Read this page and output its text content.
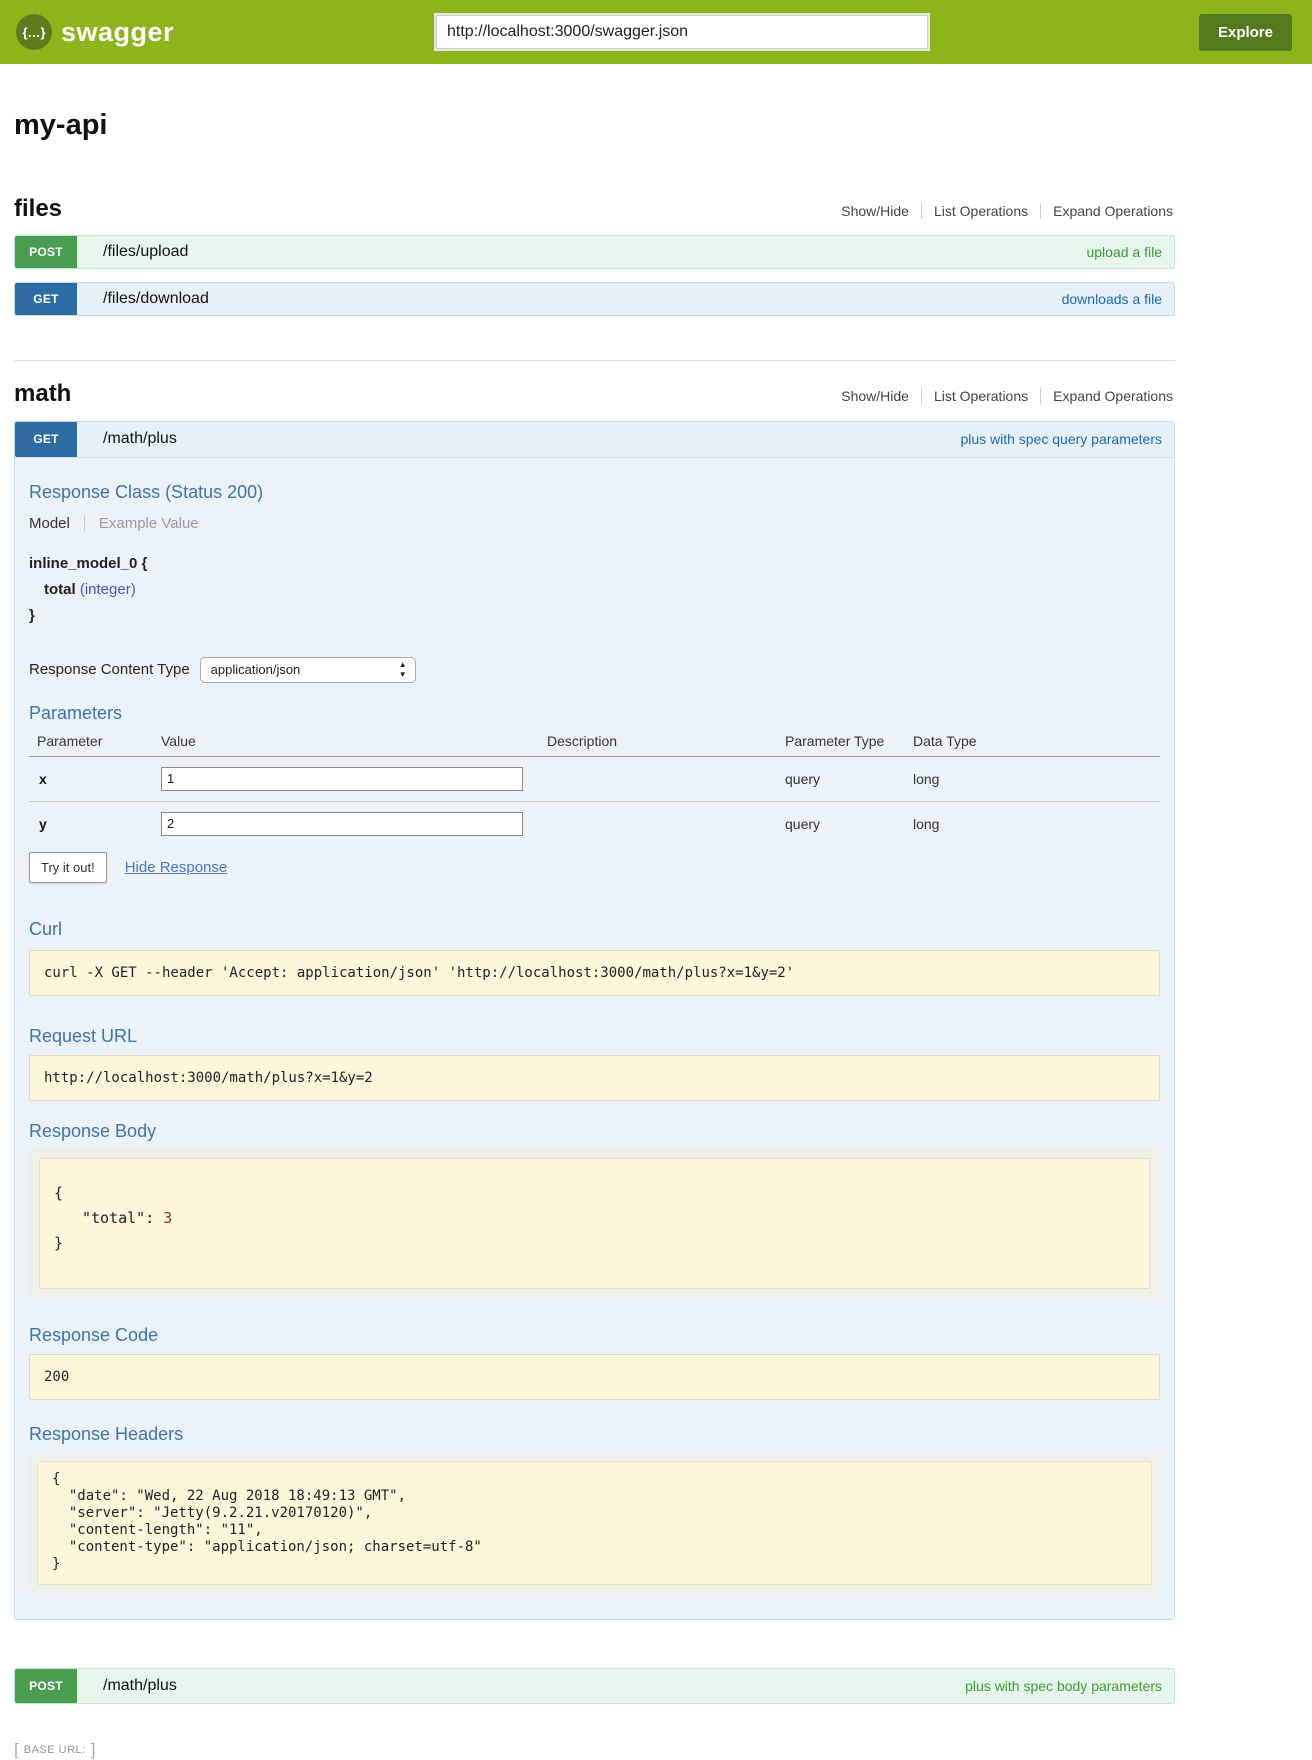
{…} swagger
http://localhost:3000/swagger.json	Explore
my-api
files	Show/Hide	List Operations	Expand Operations
POST	/files/upload	upload a file
GET	/files/download	downloads a file
math	Show/Hide	List Operations	Expand Operations
GET	/math/plus	plus with spec query parameters
Response Class (Status 200)
Model	Example Value
inline_model_0 {
total (integer)
}
Response Content Type application/json	▲
▼
Parameters
Parameter	Value	Description	Parameter Type	Data Type
x	1		query	long
y	2		query	long
Try it out!	Hide Response
Curl
curl -X GET --header 'Accept: application/json' 'http://localhost:3000/math/plus?x=1&y=2'
Request URL
http://localhost:3000/math/plus?x=1&y=2
Response Body
{
"total": 3
}
Response Code
200
Response Headers
{
"date": "Wed, 22 Aug 2018 18:49:13 GMT",
"server": "Jetty(9.2.21.v20170120)",
"content-length": "11",
"content-type": "application/json; charset=utf-8"
}
POST	/math/plus	plus with spec body parameters
[ BASE URL: ]
